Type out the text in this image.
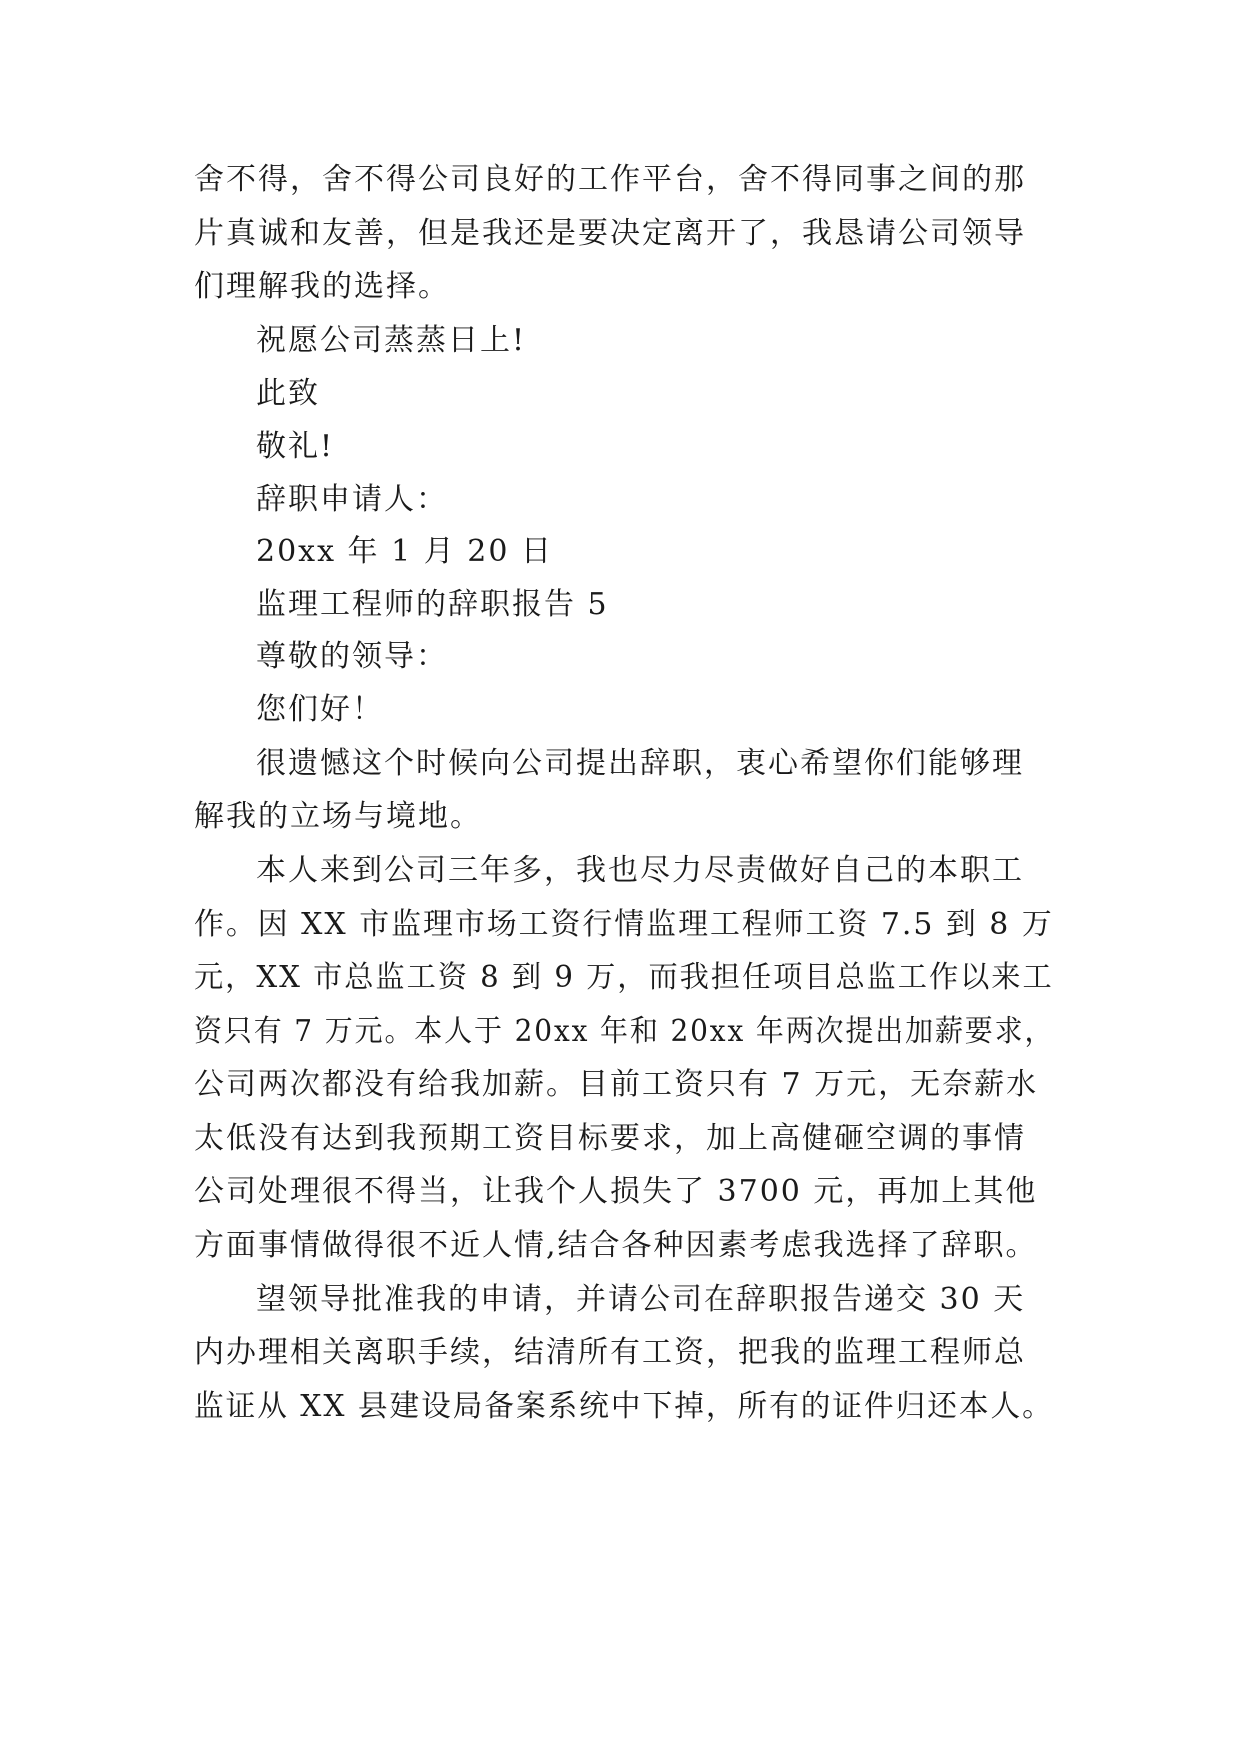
舍不得，舍不得公司良好的工作平台，舍不得同事之间的那
片真诚和友善，但是我还是要决定离开了，我恳请公司领导
们理解我的选择。
祝愿公司蒸蒸日上!
此致
敬礼!
辞职申请人：
20xx 年 1 月 20 日
监理工程师的辞职报告 5
尊敬的领导：
您们好！
很遗憾这个时候向公司提出辞职，衷心希望你们能够理
解我的立场与境地。
本人来到公司三年多，我也尽力尽责做好自己的本职工
作。因 XX 市监理市场工资行情监理工程师工资 7.5 到 8 万
元，XX 市总监工资 8 到 9 万，而我担任项目总监工作以来工
资只有 7 万元。本人于 20xx 年和 20xx 年两次提出加薪要求，
公司两次都没有给我加薪。目前工资只有 7 万元，无奈薪水
太低没有达到我预期工资目标要求，加上高健砸空调的事情
公司处理很不得当，让我个人损失了 3700 元，再加上其他
方面事情做得很不近人情,结合各种因素考虑我选择了辞职。
望领导批准我的申请，并请公司在辞职报告递交 30 天
内办理相关离职手续，结清所有工资，把我的监理工程师总
监证从 XX 县建设局备案系统中下掉，所有的证件归还本人。
